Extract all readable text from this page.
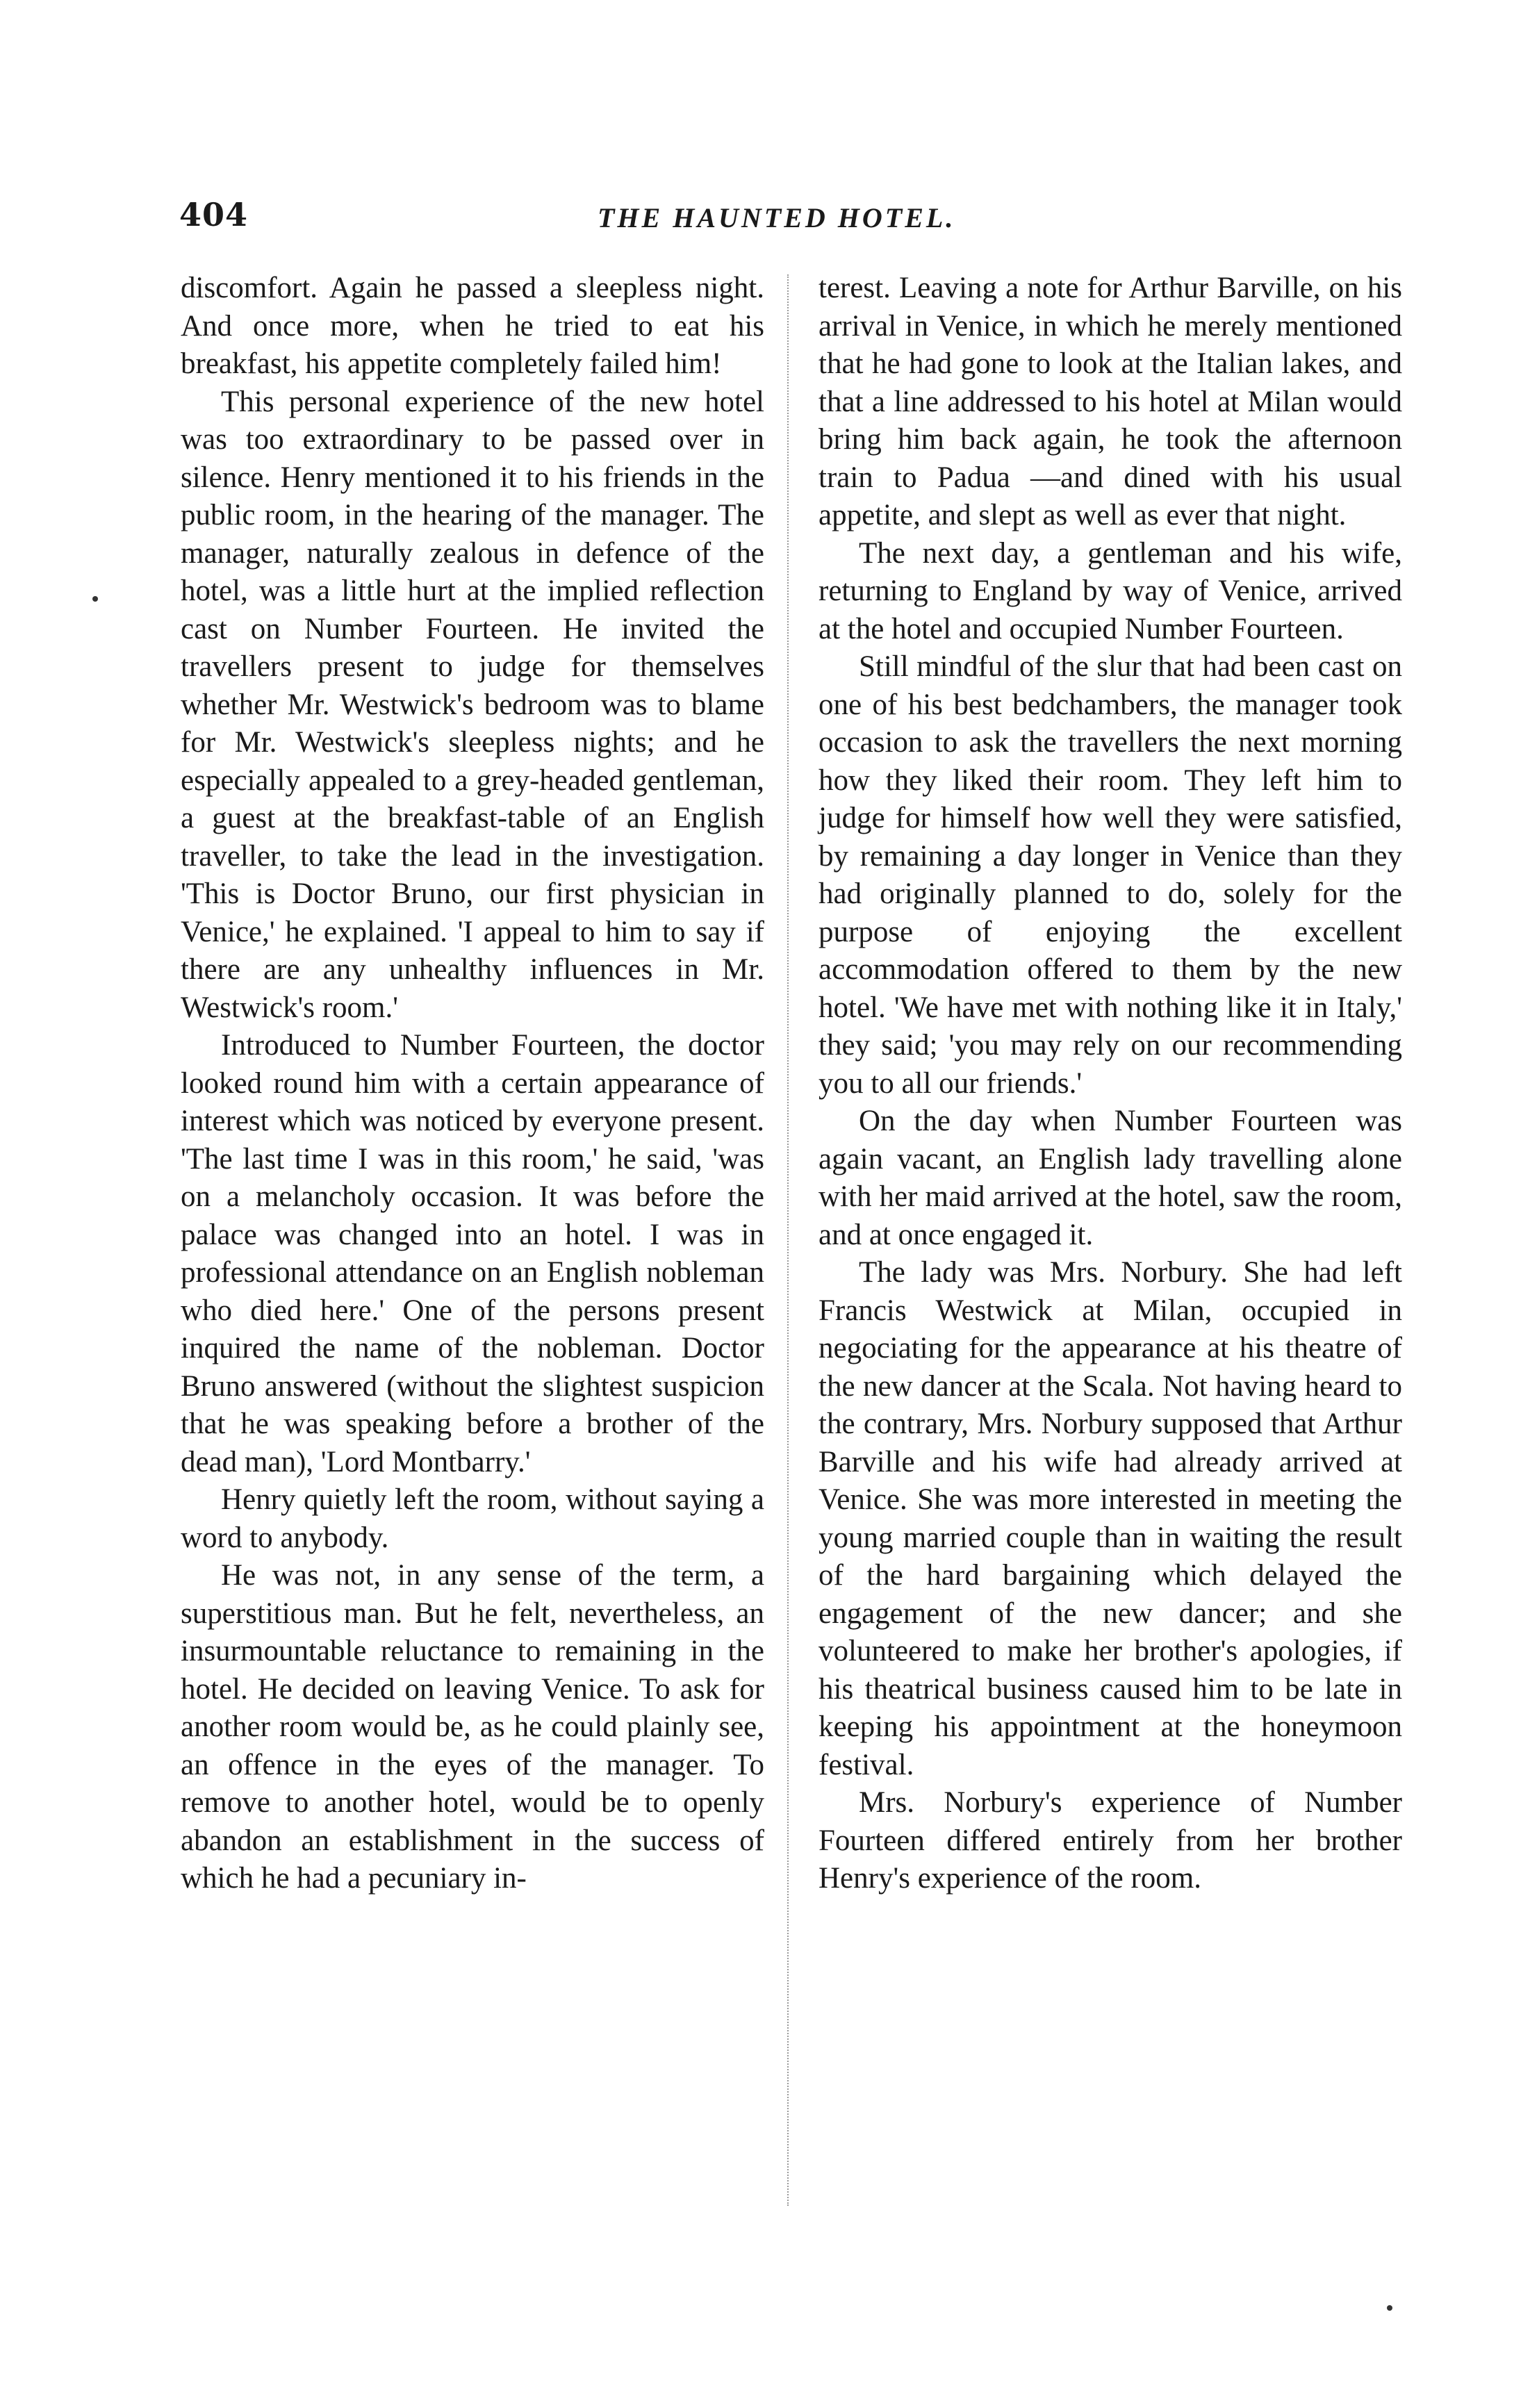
404	THE HAUNTED HOTEL.

discomfort. Again he passed a sleepless night. And once more, when he tried to eat his breakfast, his appetite completely failed him!

This personal experience of the new hotel was too extraordinary to be passed over in silence. Henry mentioned it to his friends in the public room, in the hearing of the manager. The manager, naturally zealous in defence of the hotel, was a little hurt at the implied reflection cast on Number Fourteen. He invited the travellers present to judge for themselves whether Mr. Westwick's bedroom was to blame for Mr. Westwick's sleepless nights; and he especially appealed to a grey-headed gentleman, a guest at the breakfast-table of an English traveller, to take the lead in the investigation. 'This is Doctor Bruno, our first physician in Venice,' he explained. 'I appeal to him to say if there are any unhealthy influences in Mr. Westwick's room.'

Introduced to Number Fourteen, the doctor looked round him with a certain appearance of interest which was noticed by everyone present. 'The last time I was in this room,' he said, 'was on a melancholy occasion. It was before the palace was changed into an hotel. I was in professional attendance on an English nobleman who died here.' One of the persons present inquired the name of the nobleman. Doctor Bruno answered (without the slightest suspicion that he was speaking before a brother of the dead man), 'Lord Montbarry.'

Henry quietly left the room, without saying a word to anybody.

He was not, in any sense of the term, a superstitious man. But he felt, nevertheless, an insurmountable reluctance to remaining in the hotel. He decided on leaving Venice. To ask for another room would be, as he could plainly see, an offence in the eyes of the manager. To remove to another hotel, would be to openly abandon an establishment in the success of which he had a pecuniary in-

terest. Leaving a note for Arthur Barville, on his arrival in Venice, in which he merely mentioned that he had gone to look at the Italian lakes, and that a line addressed to his hotel at Milan would bring him back again, he took the afternoon train to Padua —and dined with his usual appetite, and slept as well as ever that night.

The next day, a gentleman and his wife, returning to England by way of Venice, arrived at the hotel and occupied Number Fourteen.

Still mindful of the slur that had been cast on one of his best bedchambers, the manager took occasion to ask the travellers the next morning how they liked their room. They left him to judge for himself how well they were satisfied, by remaining a day longer in Venice than they had originally planned to do, solely for the purpose of enjoying the excellent accommodation offered to them by the new hotel. 'We have met with nothing like it in Italy,' they said; 'you may rely on our recommending you to all our friends.'

On the day when Number Fourteen was again vacant, an English lady travelling alone with her maid arrived at the hotel, saw the room, and at once engaged it.

The lady was Mrs. Norbury. She had left Francis Westwick at Milan, occupied in negociating for the appearance at his theatre of the new dancer at the Scala. Not having heard to the contrary, Mrs. Norbury supposed that Arthur Barville and his wife had already arrived at Venice. She was more interested in meeting the young married couple than in waiting the result of the hard bargaining which delayed the engagement of the new dancer; and she volunteered to make her brother's apologies, if his theatrical business caused him to be late in keeping his appointment at the honeymoon festival.

Mrs. Norbury's experience of Number Fourteen differed entirely from her brother Henry's experience of the room.
